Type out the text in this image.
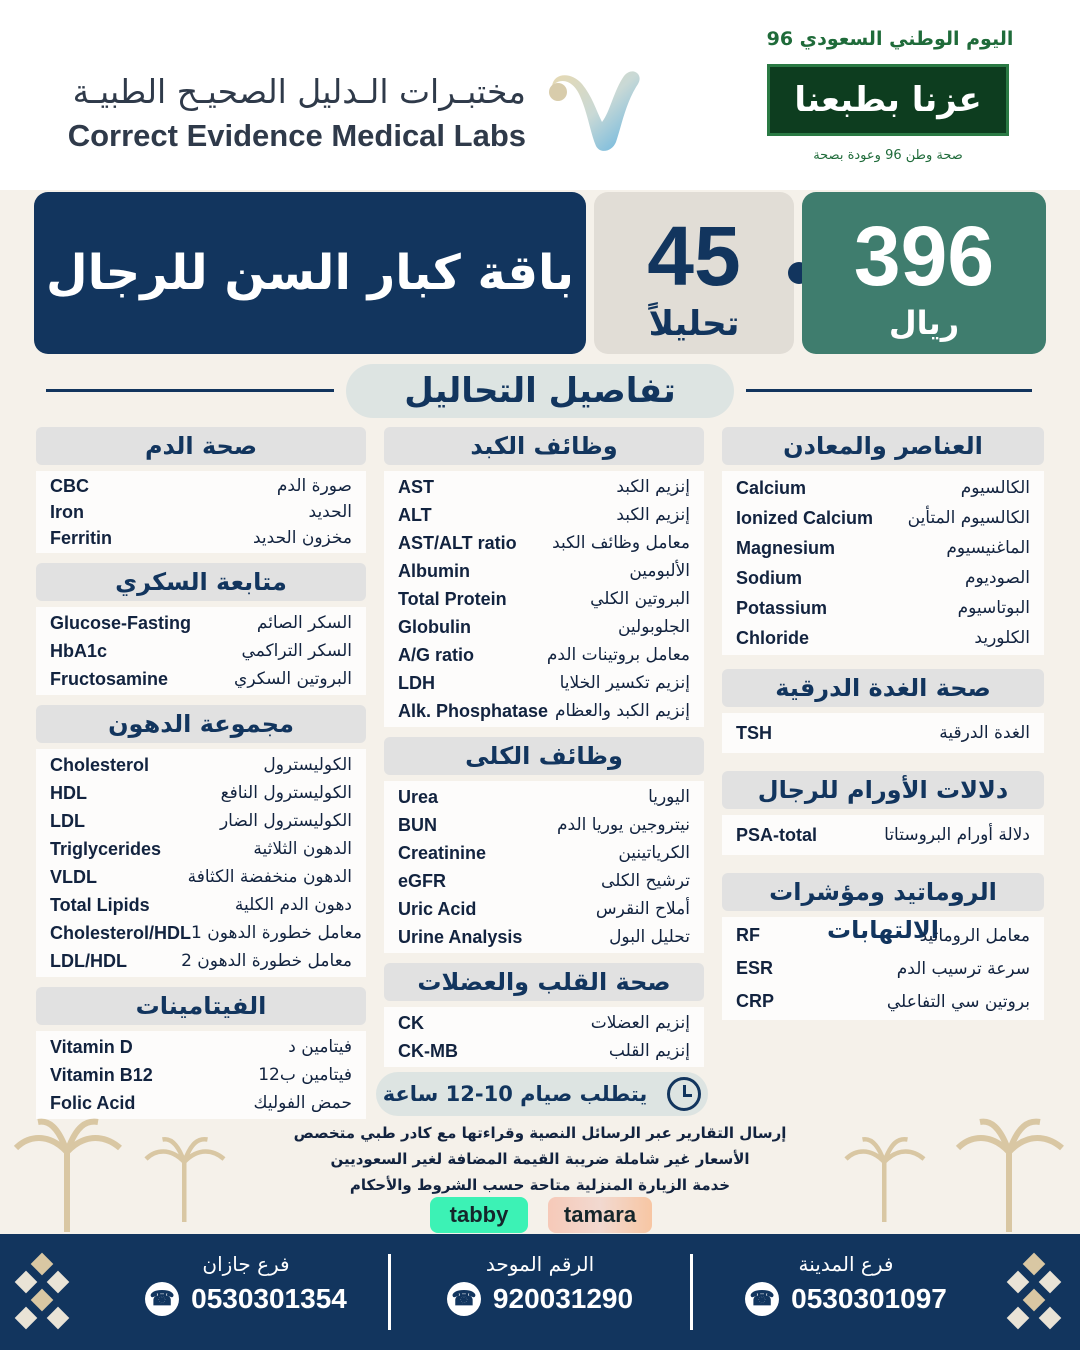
مختبـرات الـدليل الصحيـح الطبيـة
Correct Evidence Medical Labs
اليوم الوطني السعودي 96
عزنا بطبعنا
صحة وطن 96 وعودة بصحة
باقة كبار السن للرجال 45
تحليلاً
396
ريال
تفاصيل التحاليل
صحة الدم
CBC	صورة الدم
Iron	الحديد
Ferritin	مخزون الحديد
متابعة السكري
Glucose-Fasting	السكر الصائم
HbA1c	السكر التراكمي
Fructosamine	البروتين السكري
مجموعة الدهون
Cholesterol	الكوليسترول
HDL	الكوليسترول النافع
LDL	الكوليسترول الضار
Triglycerides	الدهون الثلاثية
VLDL	الدهون منخفضة الكثافة
Total Lipids	دهون الدم الكلية
Cholesterol/HDL معامل خطورة الدهون 1
LDL/HDL	معامل خطورة الدهون 2
الفيتامينات
Vitamin D	فيتامين د
Vitamin B12	فيتامين ب12
Folic Acid	حمض الفوليك
وظائف الكبد
AST	إنزيم الكبد
ALT	إنزيم الكبد
AST/ALT ratio معامل وظائف الكبد
Albumin	الألبومين
Total Protein	البروتين الكلي
Globulin	الجلوبولين
A/G ratio	معامل بروتينات الدم
LDH	إنزيم تكسير الخلايا
Alk. Phosphatase إنزيم الكبد والعظام
وظائف الكلى
Urea	اليوريا
BUN	نيتروجين يوريا الدم
Creatinine	الكرياتينين
eGFR	ترشيح الكلى
Uric Acid	أملاح النقرس
Urine Analysis	تحليل البول
صحة القلب والعضلات
CK	إنزيم العضلات
CK-MB	إنزيم القلب
العناصر والمعادن
Calcium	الكالسيوم
Ionized Calcium الكالسيوم المتأين
Magnesium	الماغنيسيوم
Sodium	الصوديوم
Potassium	البوتاسيوم
Chloride	الكلوريد
صحة الغدة الدرقية
TSH	الغدة الدرقية
دلالات الأورام للرجال
PSA-total	دلالة أورام البروستاتا
الروماتيد ومؤشرات الالتهابات
RF	معامل الروماتيد
ESR	سرعة ترسيب الدم
CRP	بروتين سي التفاعلي
يتطلب صيام 10-12 ساعة
إرسال التقارير عبر الرسائل النصية وقراءتها مع كادر طبي متخصص
الأسعار غير شاملة ضريبة القيمة المضافة لغير السعوديين
خدمة الزيارة المنزلية متاحة حسب الشروط والأحكام
tabby	tamara
فرع جازان
☎ 0530301354
الرقم الموحد
☎ 920031290
فرع المدينة
☎ 0530301097
